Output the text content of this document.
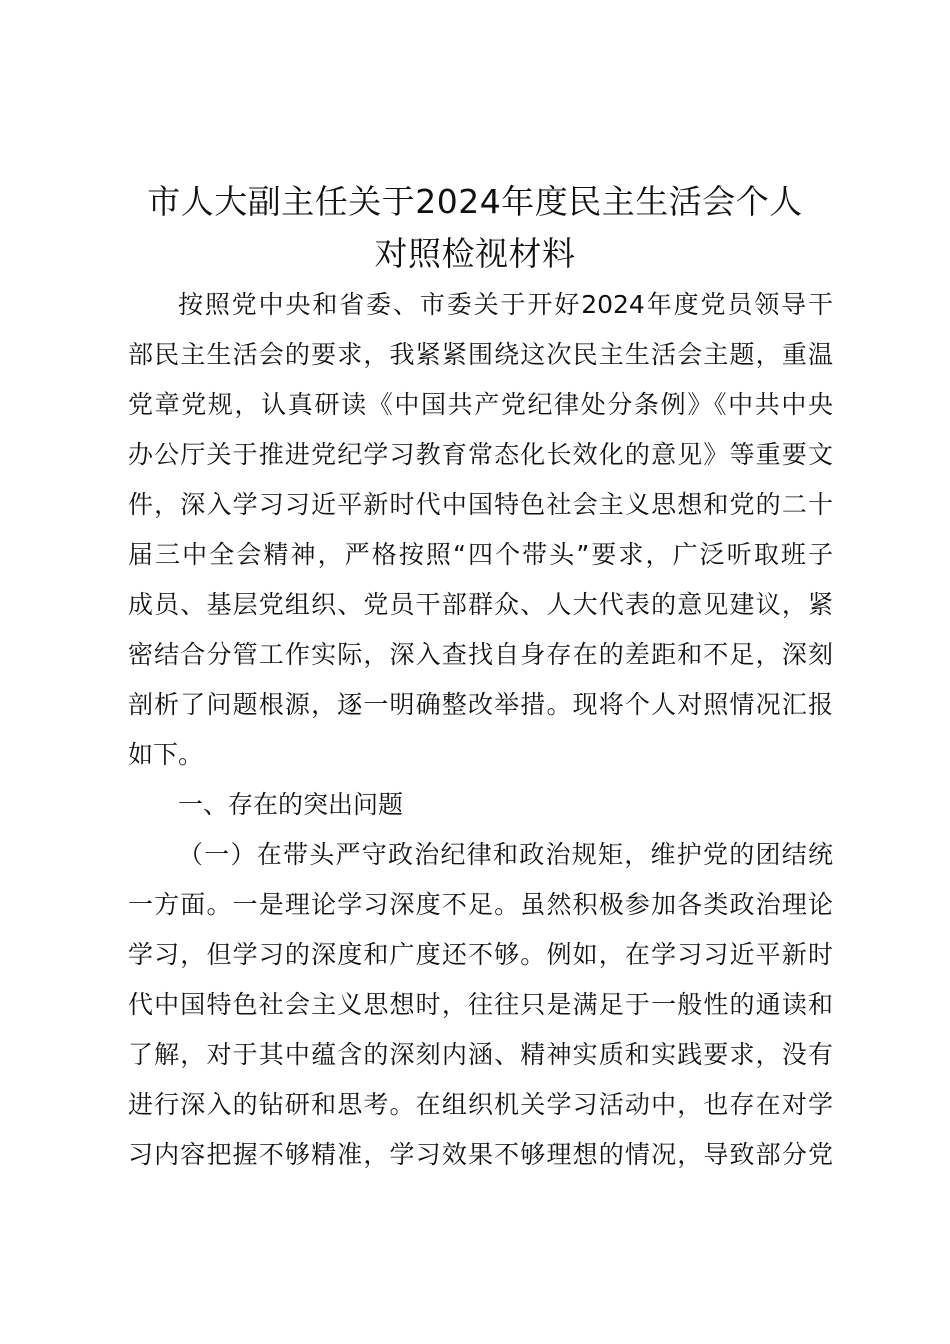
市人大副主任关于2024年度民主生活会个人
对照检视材料
按照党中央和省委、市委关于开好2024年度党员领导干
部民主生活会的要求，我紧紧围绕这次民主生活会主题，重温
党章党规，认真研读《中国共产党纪律处分条例》《中共中央
办公厅关于推进党纪学习教育常态化长效化的意见》等重要文
件，深入学习习近平新时代中国特色社会主义思想和党的二十
届三中全会精神，严格按照“四个带头”要求，广泛听取班子
成员、基层党组织、党员干部群众、人大代表的意见建议，紧
密结合分管工作实际，深入查找自身存在的差距和不足，深刻
剖析了问题根源，逐一明确整改举措。现将个人对照情况汇报
如下。
一、存在的突出问题
（一）在带头严守政治纪律和政治规矩，维护党的团结统
一方面。一是理论学习深度不足。虽然积极参加各类政治理论
学习，但学习的深度和广度还不够。例如，在学习习近平新时
代中国特色社会主义思想时，往往只是满足于一般性的通读和
了解，对于其中蕴含的深刻内涵、精神实质和实践要求，没有
进行深入的钻研和思考。在组织机关学习活动中，也存在对学
习内容把握不够精准，学习效果不够理想的情况，导致部分党
